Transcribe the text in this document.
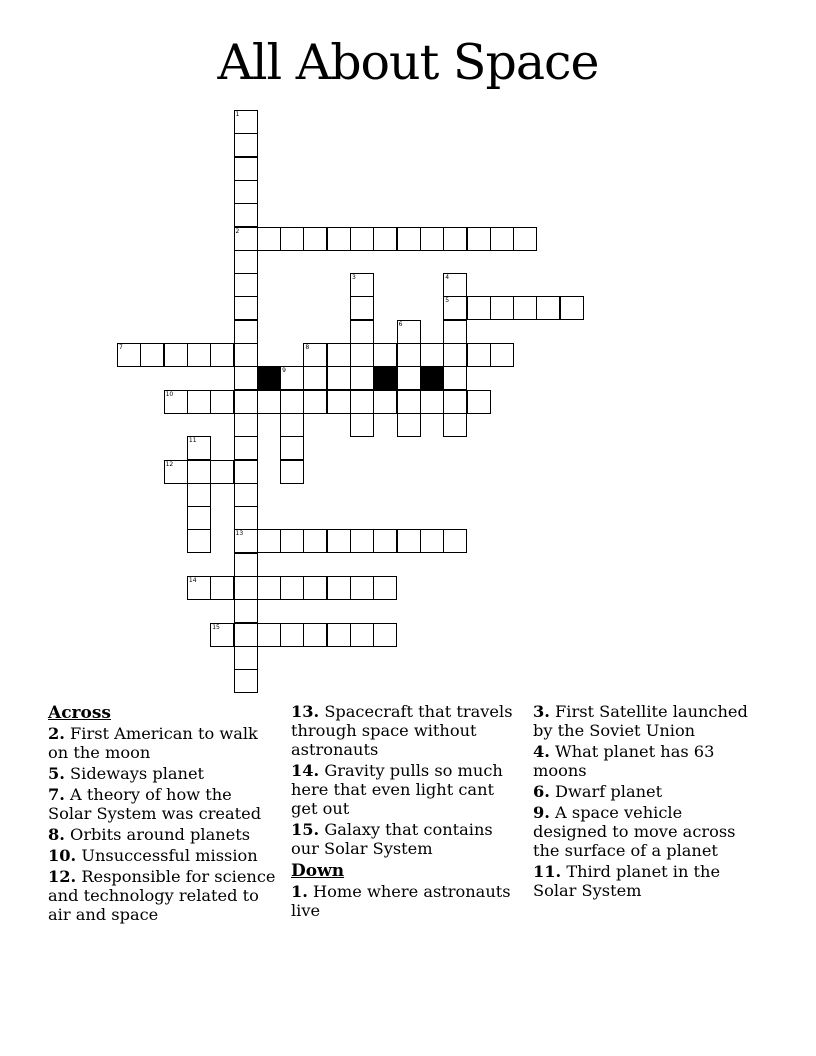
All About Space
1
2
13
3	4
5
6
7	8
9
10
11
12
14
15
Across
2. First American to walk on the moon
5. Sideways planet
7. A theory of how the Solar System was created
8. Orbits around planets
10. Unsuccessful mission
12. Responsible for science and technology related to air and space
13. Spacecraft that travels through space without astronauts
14. Gravity pulls so much here that even light cant get out
15. Galaxy that contains our Solar System
Down
1. Home where astronauts live
3. First Satellite launched by the Soviet Union
4. What planet has 63 moons
6. Dwarf planet
9. A space vehicle designed to move across the surface of a planet
11. Third planet in the Solar System
